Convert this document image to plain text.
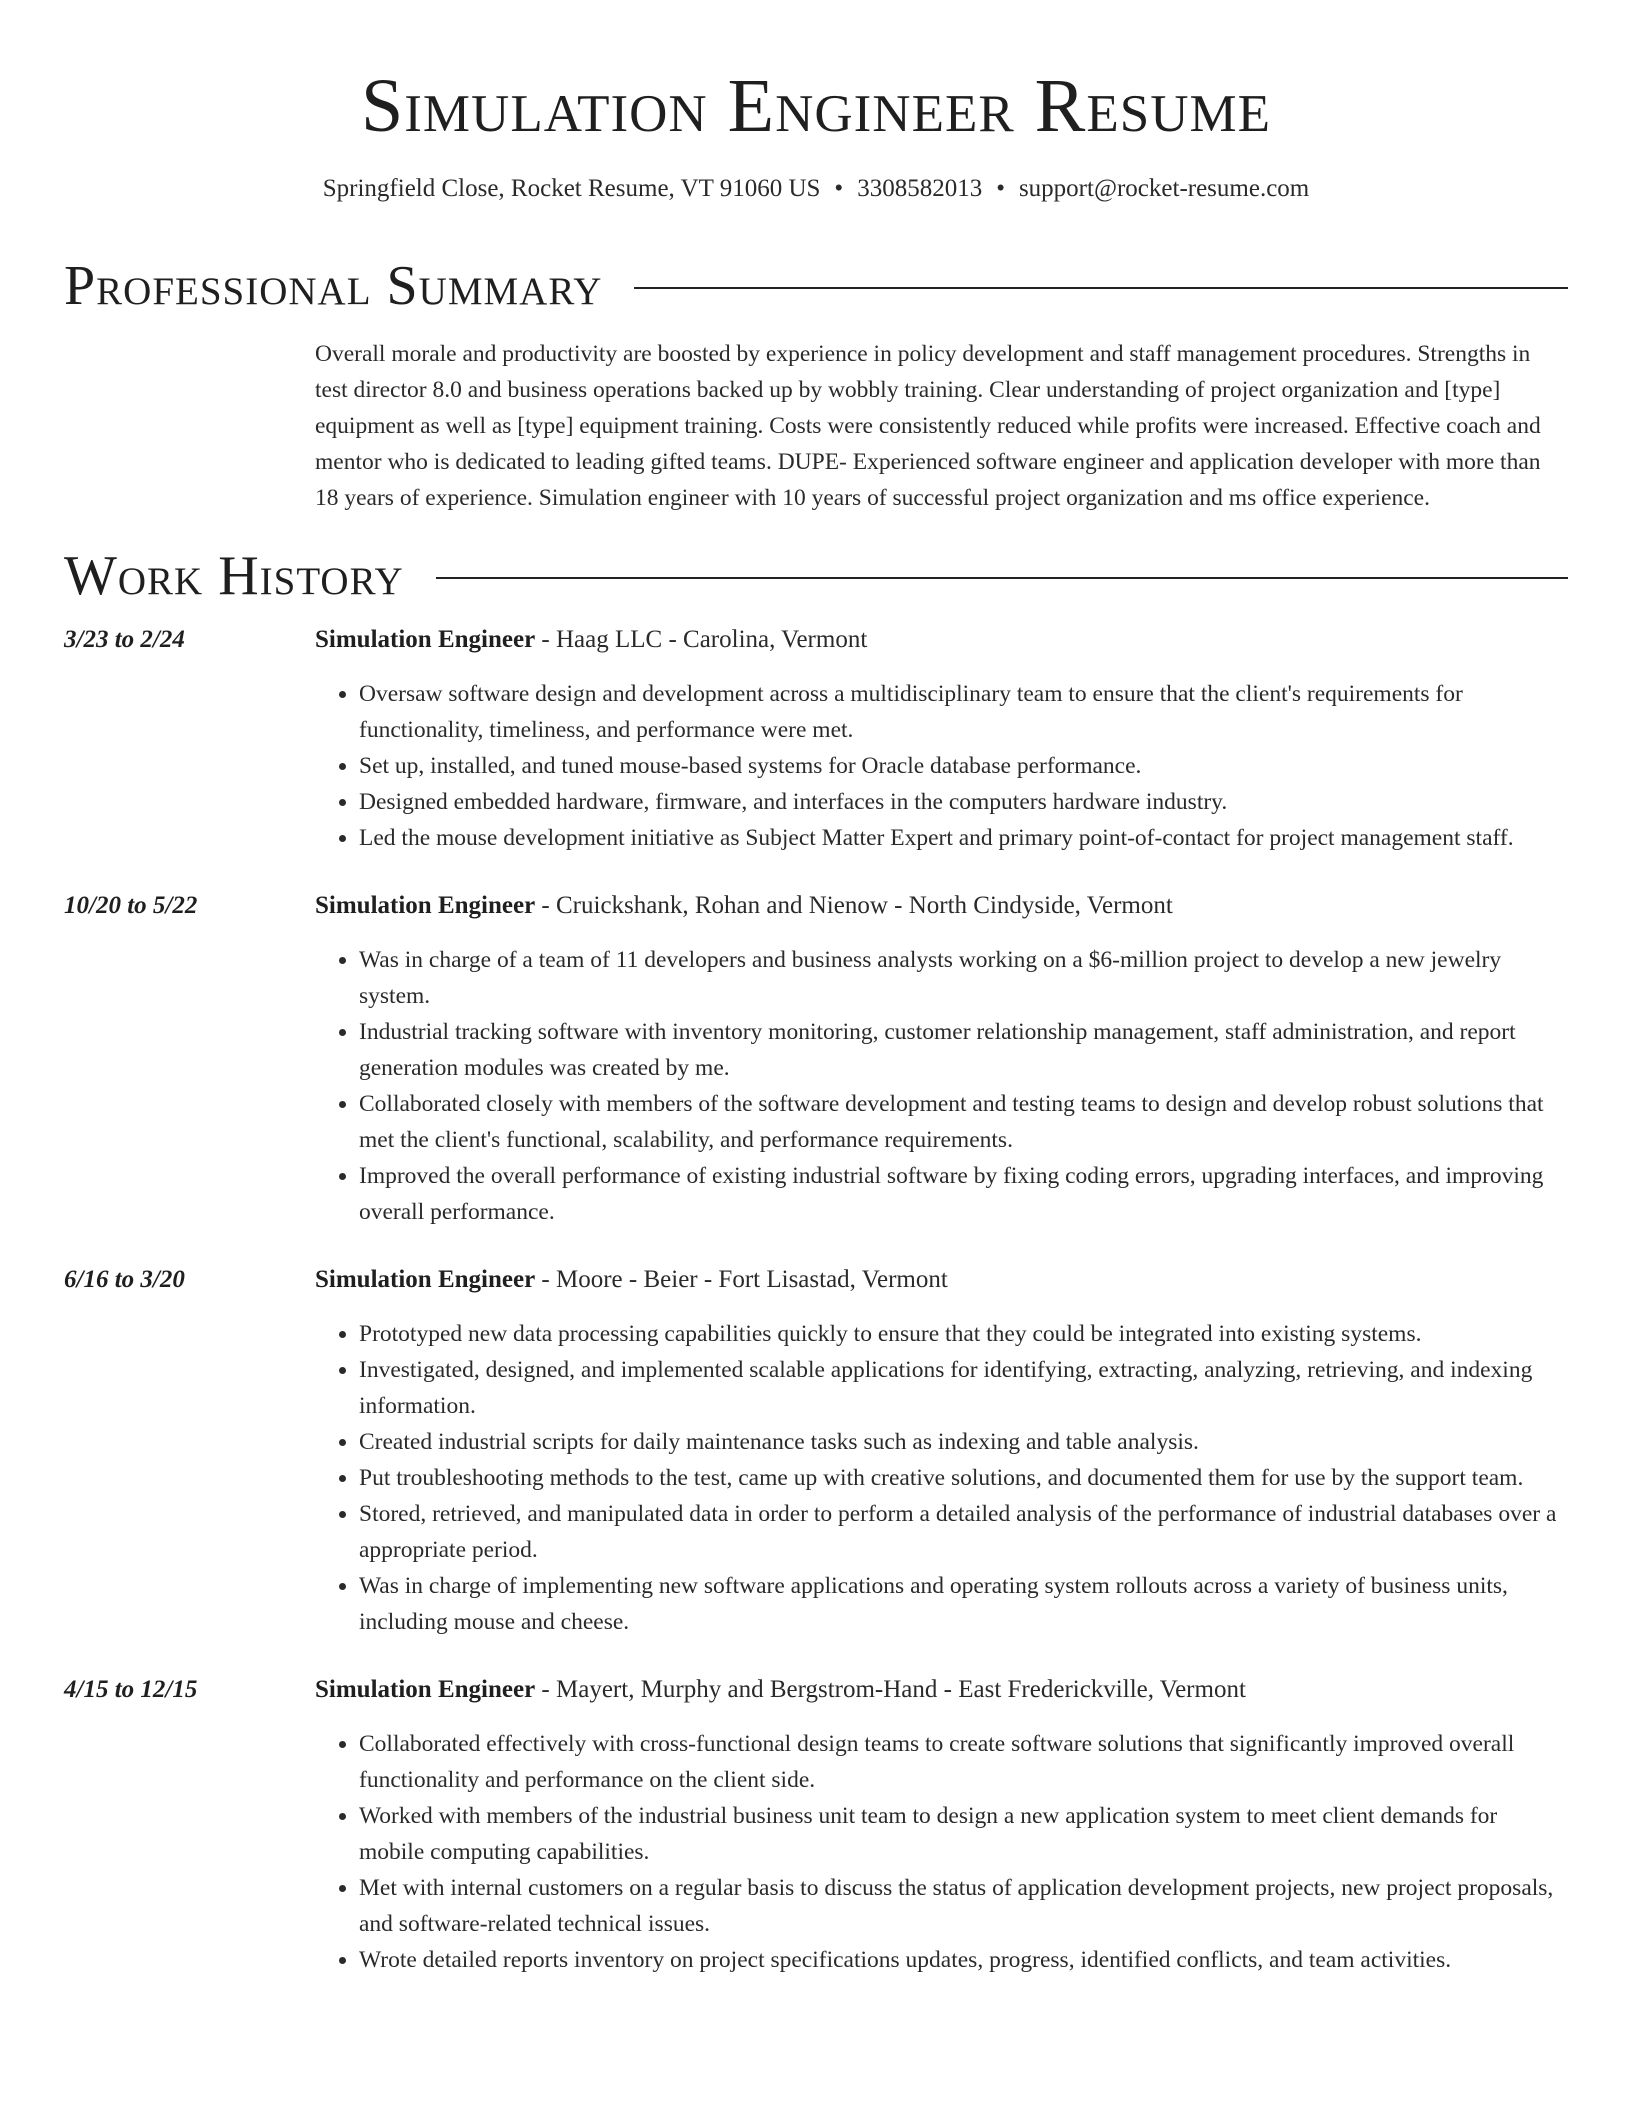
Simulation Engineer Resume
Springfield Close, Rocket Resume, VT 91060 US • 3308582013 • support@rocket-resume.com
Professional Summary
Overall morale and productivity are boosted by experience in policy development and staff management procedures. Strengths in test director 8.0 and business operations backed up by wobbly training. Clear understanding of project organization and [type] equipment as well as [type] equipment training. Costs were consistently reduced while profits were increased. Effective coach and mentor who is dedicated to leading gifted teams. DUPE- Experienced software engineer and application developer with more than 18 years of experience. Simulation engineer with 10 years of successful project organization and ms office experience.
Work History
3/23 to 2/24	Simulation Engineer - Haag LLC - Carolina, Vermont
• Oversaw software design and development across a multidisciplinary team to ensure that the client's requirements for functionality, timeliness, and performance were met.
• Set up, installed, and tuned mouse-based systems for Oracle database performance.
• Designed embedded hardware, firmware, and interfaces in the computers hardware industry.
• Led the mouse development initiative as Subject Matter Expert and primary point-of-contact for project management staff.
10/20 to 5/22	Simulation Engineer - Cruickshank, Rohan and Nienow - North Cindyside, Vermont
• Was in charge of a team of 11 developers and business analysts working on a $6-million project to develop a new jewelry system.
• Industrial tracking software with inventory monitoring, customer relationship management, staff administration, and report generation modules was created by me.
• Collaborated closely with members of the software development and testing teams to design and develop robust solutions that met the client's functional, scalability, and performance requirements.
• Improved the overall performance of existing industrial software by fixing coding errors, upgrading interfaces, and improving overall performance.
6/16 to 3/20	Simulation Engineer - Moore - Beier - Fort Lisastad, Vermont
• Prototyped new data processing capabilities quickly to ensure that they could be integrated into existing systems.
• Investigated, designed, and implemented scalable applications for identifying, extracting, analyzing, retrieving, and indexing information.
• Created industrial scripts for daily maintenance tasks such as indexing and table analysis.
• Put troubleshooting methods to the test, came up with creative solutions, and documented them for use by the support team.
• Stored, retrieved, and manipulated data in order to perform a detailed analysis of the performance of industrial databases over a appropriate period.
• Was in charge of implementing new software applications and operating system rollouts across a variety of business units, including mouse and cheese.
4/15 to 12/15	Simulation Engineer - Mayert, Murphy and Bergstrom-Hand - East Frederickville, Vermont
• Collaborated effectively with cross-functional design teams to create software solutions that significantly improved overall functionality and performance on the client side.
• Worked with members of the industrial business unit team to design a new application system to meet client demands for mobile computing capabilities.
• Met with internal customers on a regular basis to discuss the status of application development projects, new project proposals, and software-related technical issues.
• Wrote detailed reports inventory on project specifications updates, progress, identified conflicts, and team activities.
